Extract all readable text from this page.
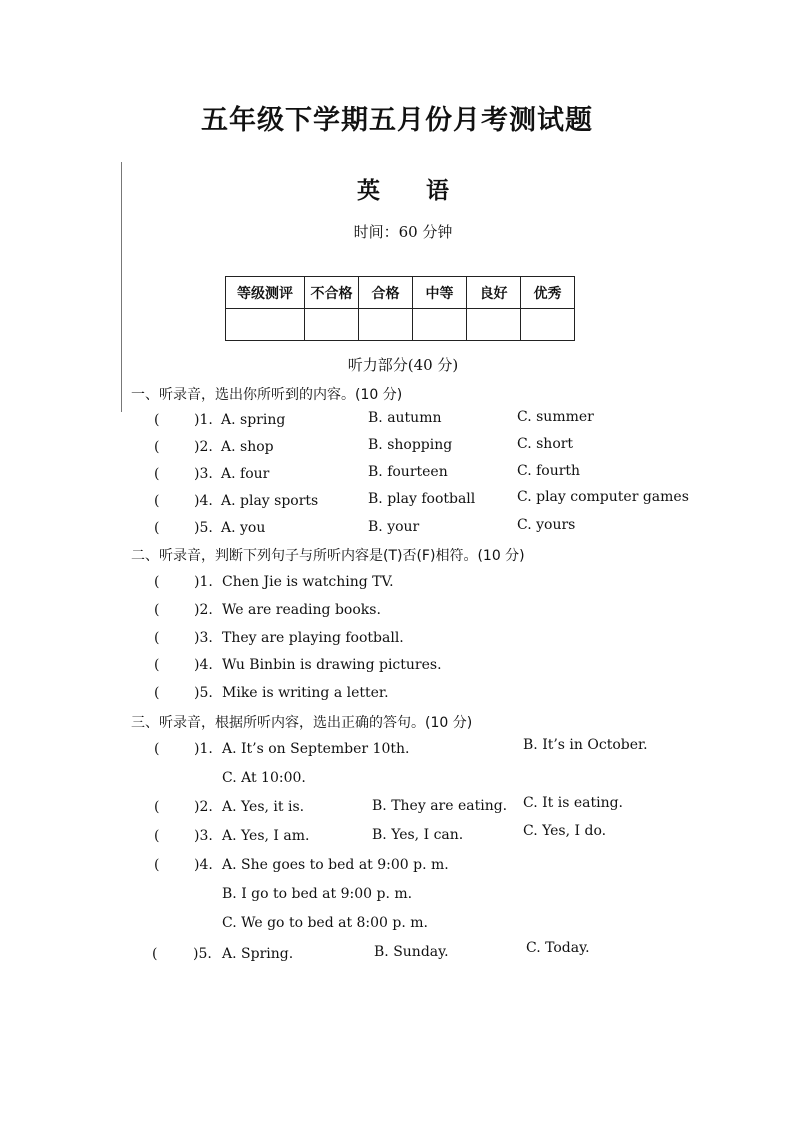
五年级下学期五月份月考测试题
英　　语
时间：60 分钟
等级测评	不合格	合格	中等	良好	优秀

听力部分(40 分)
一、听录音，选出你所听到的内容。(10 分)
( )1. A. spring	B. autumn	C. summer
( )2. A. shop	B. shopping	C. short
( )3. A. four	B. fourteen	C. fourth
( )4. A. play sports	B. play football	C. play computer games
( )5. A. you	B. your	C. yours
二、听录音，判断下列句子与所听内容是(T)否(F)相符。(10 分)
( )1. Chen Jie is watching TV.
( )2. We are reading books.
( )3. They are playing football.
( )4. Wu Binbin is drawing pictures.
( )5. Mike is writing a letter.
三、听录音，根据所听内容，选出正确的答句。(10 分)
( )1. A. It’s on September 10th.	B. It’s in October.
C. At 10:00.
( )2. A. Yes, it is.	B. They are eating. C. It is eating.
( )3. A. Yes, I am.	B. Yes, I can.	C. Yes, I do.
( )4. A. She goes to bed at 9:00 p. m.
B. I go to bed at 9:00 p. m.
C. We go to bed at 8:00 p. m.
(	)5. A. Spring.	B. Sunday.	C. Today.
